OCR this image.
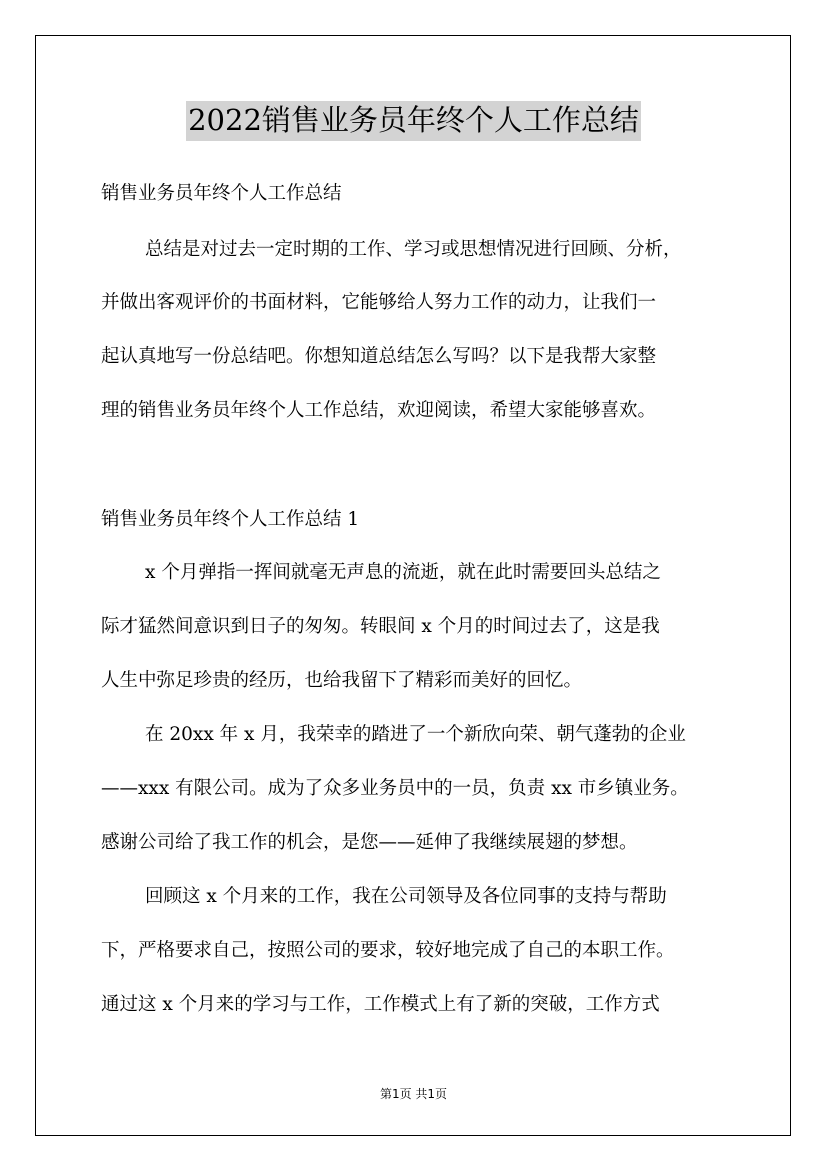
2022销售业务员年终个人工作总结
销售业务员年终个人工作总结
总结是对过去一定时期的工作、学习或思想情况进行回顾、分析，
并做出客观评价的书面材料，它能够给人努力工作的动力，让我们一
起认真地写一份总结吧。你想知道总结怎么写吗？以下是我帮大家整
理的销售业务员年终个人工作总结，欢迎阅读，希望大家能够喜欢。
销售业务员年终个人工作总结 1
x 个月弹指一挥间就毫无声息的流逝，就在此时需要回头总结之
际才猛然间意识到日子的匆匆。转眼间 x 个月的时间过去了，这是我
人生中弥足珍贵的经历，也给我留下了精彩而美好的回忆。
在 20xx 年 x 月，我荣幸的踏进了一个新欣向荣、朝气蓬勃的企业
——xxx 有限公司。成为了众多业务员中的一员，负责 xx 市乡镇业务。
感谢公司给了我工作的机会，是您——延伸了我继续展翅的梦想。
回顾这 x 个月来的工作，我在公司领导及各位同事的支持与帮助
下，严格要求自己，按照公司的要求，较好地完成了自己的本职工作。
通过这 x 个月来的学习与工作，工作模式上有了新的突破，工作方式
第1页 共1页
